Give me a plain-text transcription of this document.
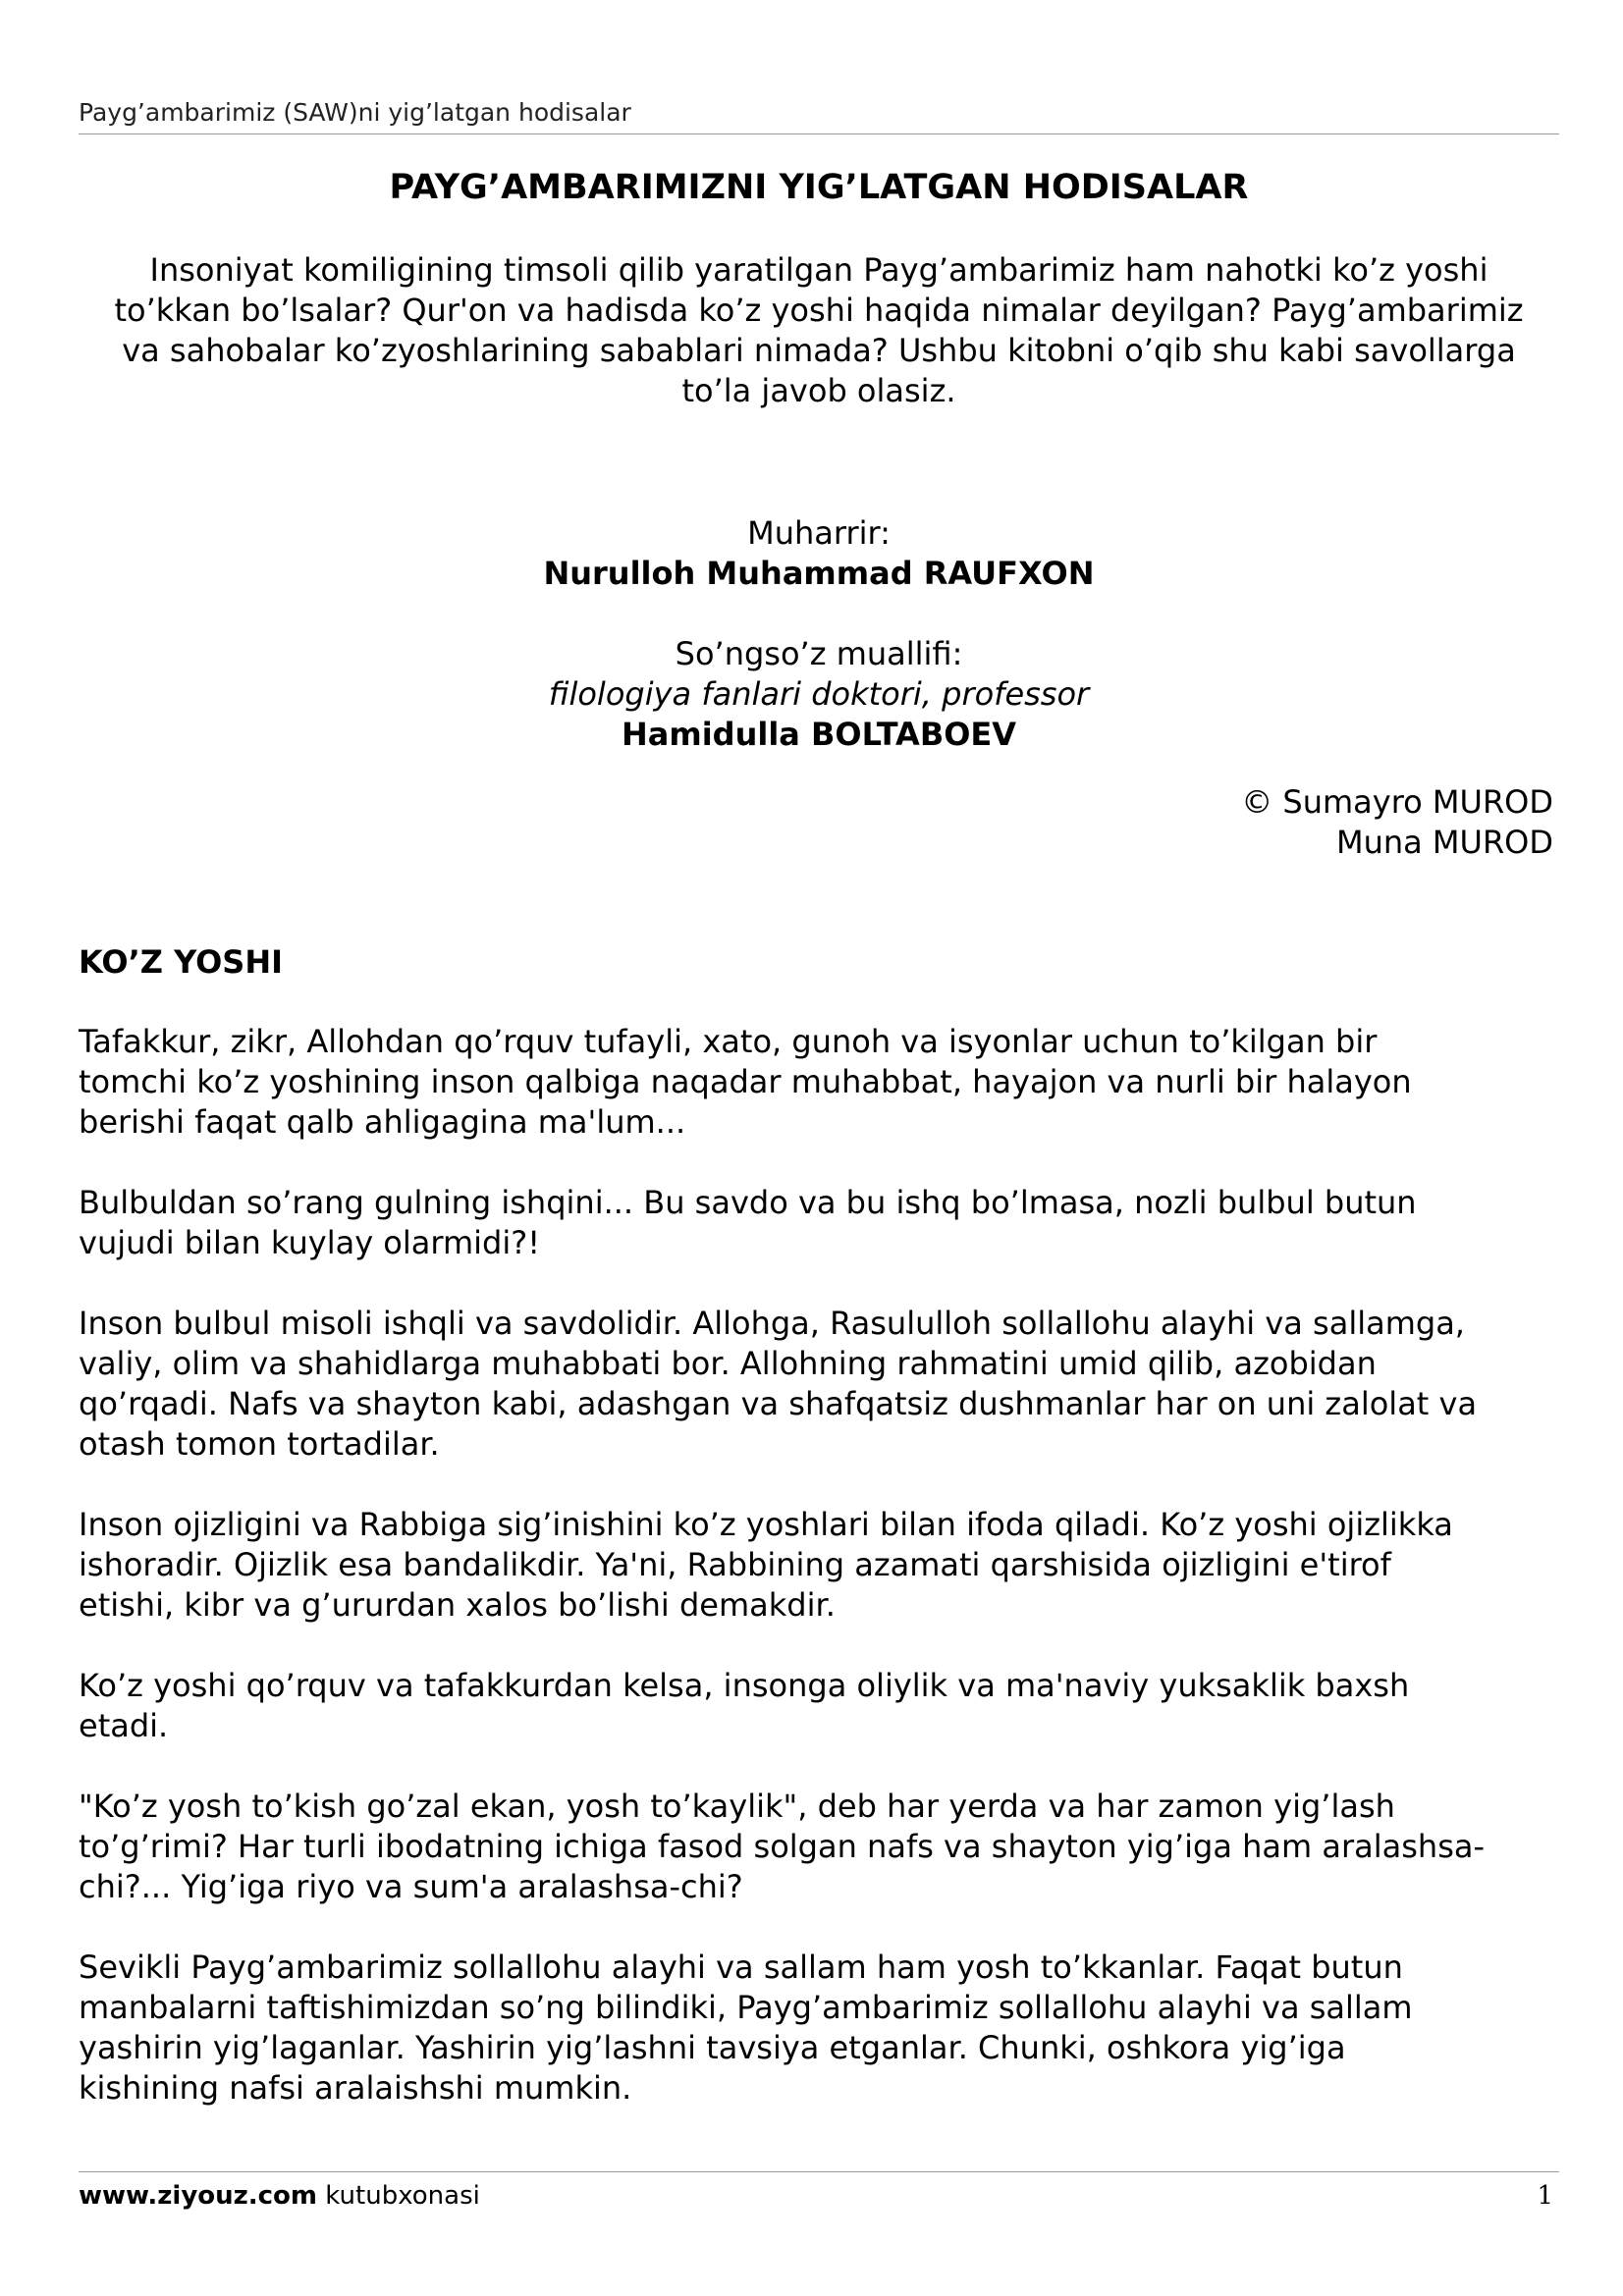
Payg’ambarimiz (SAW)ni yig’latgan hodisalar
PAYG’AMBARIMIZNI YIG’LATGAN HODISALAR
Insoniyat komiligining timsoli qilib yaratilgan Payg’ambarimiz ham nahotki ko’z yoshi
to’kkan bo’lsalar? Qur'on va hadisda ko’z yoshi haqida nimalar deyilgan? Payg’ambarimiz
va sahobalar ko’zyoshlarining sabablari nimada? Ushbu kitobni o’qib shu kabi savollarga
to’la javob olasiz.
Muharrir:
Nurulloh Muhammad RAUFXON
So’ngso’z muallifi:
filologiya fanlari doktori, professor
Hamidulla BOLTABOEV
© Sumayro MUROD
Muna MUROD
KO’Z YOSHI

Tafakkur, zikr, Allohdan qo’rquv tufayli, xato, gunoh va isyonlar uchun to’kilgan bir
tomchi ko’z yoshining inson qalbiga naqadar muhabbat, hayajon va nurli bir halayon
berishi faqat qalb ahligagina ma'lum...

Bulbuldan so’rang gulning ishqini... Bu savdo va bu ishq bo’lmasa, nozli bulbul butun
vujudi bilan kuylay olarmidi?!

Inson bulbul misoli ishqli va savdolidir. Allohga, Rasululloh sollallohu alayhi va sallamga,
valiy, olim va shahidlarga muhabbati bor. Allohning rahmatini umid qilib, azobidan
qo’rqadi. Nafs va shayton kabi, adashgan va shafqatsiz dushmanlar har on uni zalolat va
otash tomon tortadilar.

Inson ojizligini va Rabbiga sig’inishini ko’z yoshlari bilan ifoda qiladi. Ko’z yoshi ojizlikka
ishoradir. Ojizlik esa bandalikdir. Ya'ni, Rabbining azamati qarshisida ojizligini e'tirof
etishi, kibr va g’ururdan xalos bo’lishi demakdir.

Ko’z yoshi qo’rquv va tafakkurdan kelsa, insonga oliylik va ma'naviy yuksaklik baxsh
etadi.

"Ko’z yosh to’kish go’zal ekan, yosh to’kaylik", deb har yerda va har zamon yig’lash
to’g’rimi? Har turli ibodatning ichiga fasod solgan nafs va shayton yig’iga ham aralashsa-
chi?... Yig’iga riyo va sum'a aralashsa-chi?

Sevikli Payg’ambarimiz sollallohu alayhi va sallam ham yosh to’kkanlar. Faqat butun
manbalarni taftishimizdan so’ng bilindiki, Payg’ambarimiz sollallohu alayhi va sallam
yashirin yig’laganlar. Yashirin yig’lashni tavsiya etganlar. Chunki, oshkora yig’iga
kishining nafsi aralaishshi mumkin.

www.ziyouz.com kutubxonasi	1
